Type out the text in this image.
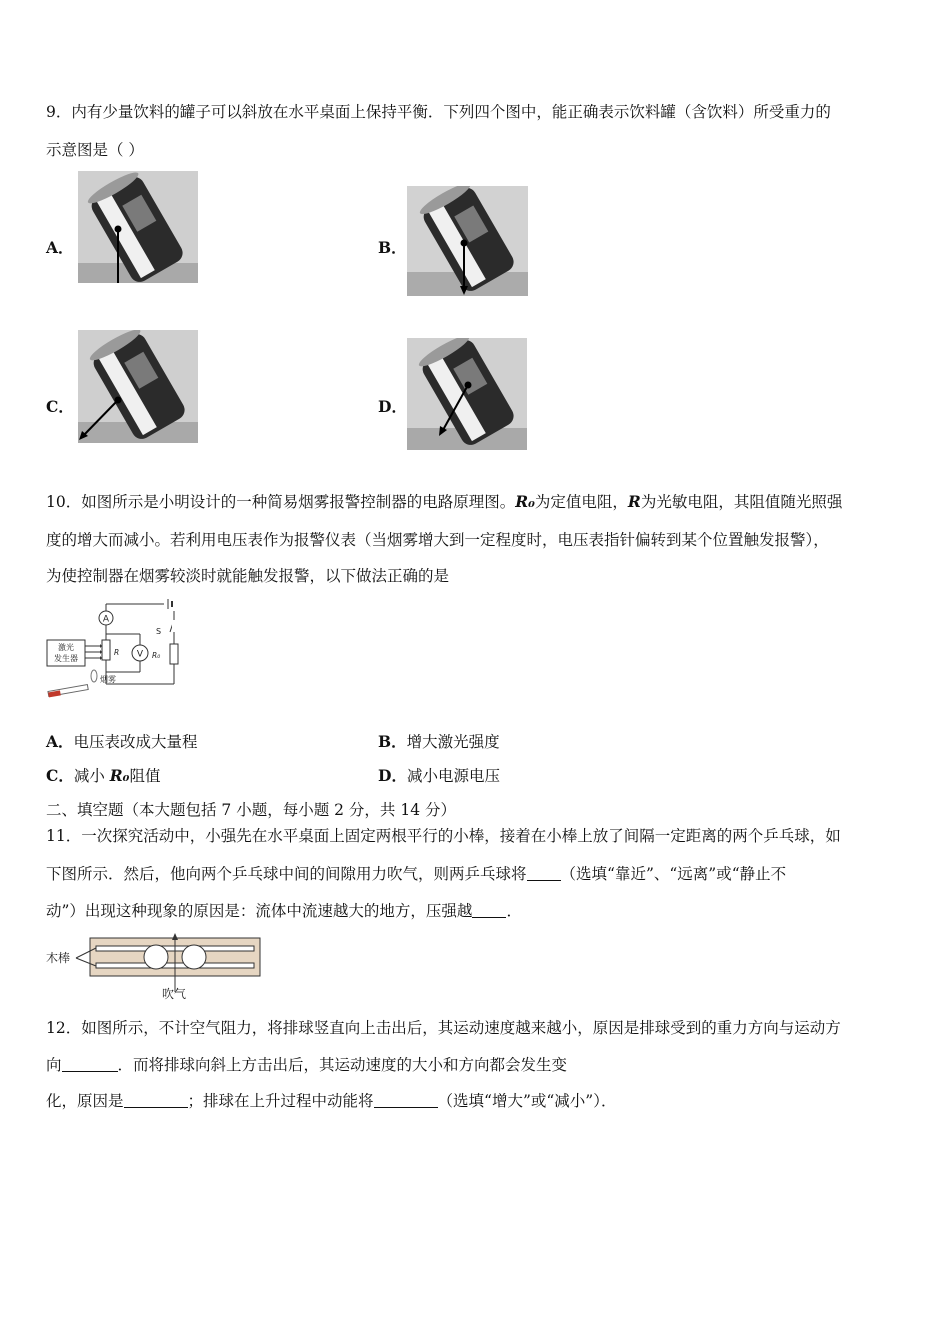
9．内有少量饮料的罐子可以斜放在水平桌面上保持平衡．下列四个图中，能正确表示饮料罐（含饮料）所受重力的
示意图是（ ）
A．	B．
C．	D．
10．如图所示是小明设计的一种简易烟雾报警控制器的电路原理图。R₀为定值电阻，R为光敏电阻，其阻值随光照强
度的增大而减小。若利用电压表作为报警仪表（当烟雾增大到一定程度时，电压表指针偏转到某个位置触发报警），
为使控制器在烟雾较淡时就能触发报警，以下做法正确的是
A
V
S
R₀
R
激光
发生器
烟雾
A．电压表改成大量程	B．增大激光强度
C．减小 R₀阻值	D．减小电源电压
二、填空题（本大题包括 7 小题，每小题 2 分，共 14 分）
11．一次探究活动中，小强先在水平桌面上固定两根平行的小棒，接着在小棒上放了间隔一定距离的两个乒乓球，如
下图所示．然后，他向两个乒乓球中间的间隙用力吹气，则两乒乓球将 （选填“靠近”、“远离”或“静止不
动”）出现这种现象的原因是：流体中流速越大的地方，压强越 ．
木棒
吹气
12．如图所示，不计空气阻力，将排球竖直向上击出后，其运动速度越来越小，原因是排球受到的重力方向与运动方
向	．而将排球向斜上方击出后，其运动速度的大小和方向都会发生变
化，原因是	；排球在上升过程中动能将	（选填“增大”或“减小”）．
